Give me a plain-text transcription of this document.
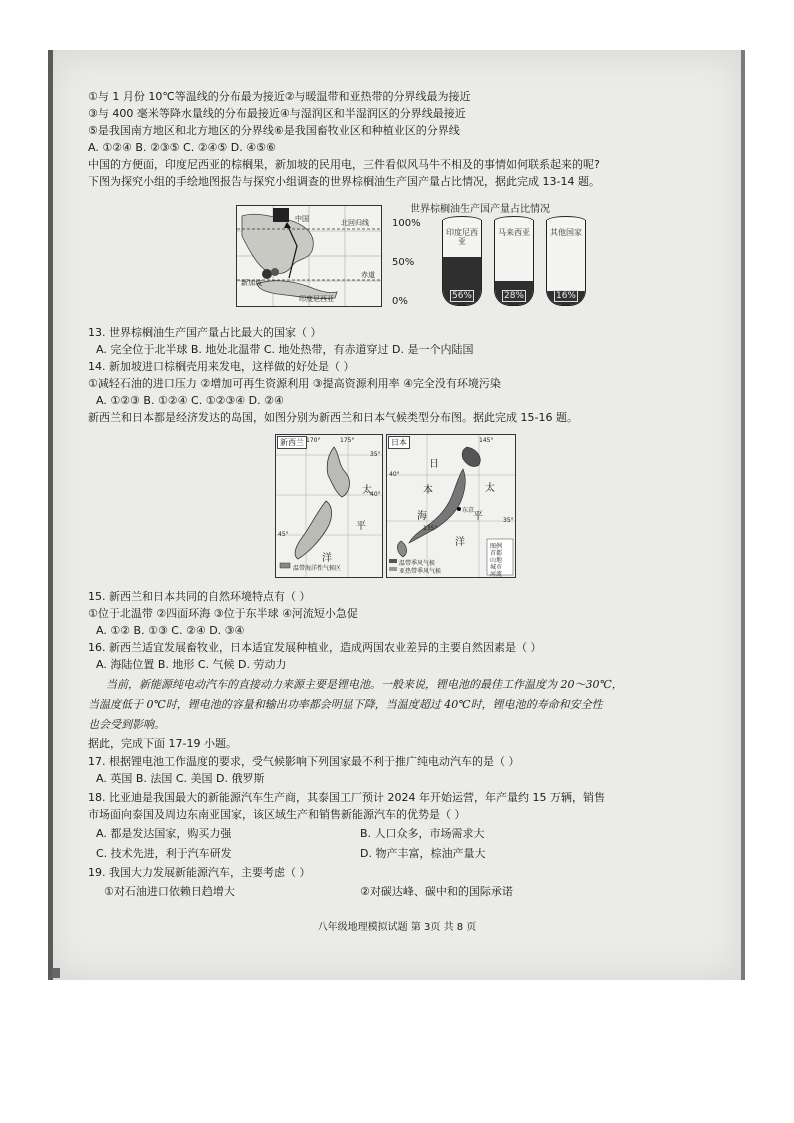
①与 1 月份 10℃等温线的分布最为接近②与暖温带和亚热带的分界线最为接近
③与 400 毫米等降水量线的分布最接近④与湿润区和半湿润区的分界线最接近
⑤是我国南方地区和北方地区的分界线⑥是我国畜牧业区和种植业区的分界线
A. ①②④ B. ②③⑤ C. ②④⑤ D. ④⑤⑥
中国的方便面，印度尼西亚的棕榈果，新加坡的民用电，三件看似风马牛不相及的事情如何联系起来的呢?
下图为探究小组的手绘地图报告与探究小组调查的世界棕榈油生产国产量占比情况，据此完成 13-14 题。
中国	北回归线
赤道
新加坡
印度尼西亚
世界棕榈油生产国产量占比情况
100%
50%
0%
印度尼西亚
56%
马来西亚
28%
其他国家
16%
13. 世界棕榈油生产国产量占比最大的国家（ ）
A. 完全位于北半球 B. 地处北温带 C. 地处热带，有赤道穿过 D. 是一个内陆国
14. 新加坡进口棕榈壳用来发电，这样做的好处是（ ）
①减轻石油的进口压力 ②增加可再生资源利用 ③提高资源利用率 ④完全没有环境污染
A. ①②③ B. ①②④ C. ①②③④ D. ②④
新西兰和日本都是经济发达的岛国，如图分别为新西兰和日本气候类型分布图。据此完成 15-16 题。
新西兰 170°	175°
35°
40°
45°
太
平
洋
温带海洋性气候区
日本	145°
40°
35°
135°
日
本
海
太
平
洋
东京
图例
首都
山地
城市
河流
温带季风气候
亚热带季风气候
15. 新西兰和日本共同的自然环境特点有（ ）
①位于北温带 ②四面环海 ③位于东半球 ④河流短小急促
A. ①② B. ①③ C. ②④ D. ③④
16. 新西兰适宜发展畜牧业，日本适宜发展种植业，造成两国农业差异的主要自然因素是（ ）
A. 海陆位置 B. 地形 C. 气候 D. 劳动力
当前，新能源纯电动汽车的直接动力来源主要是锂电池。一般来说，锂电池的最佳工作温度为 20～30℃，
当温度低于 0℃时，锂电池的容量和输出功率都会明显下降，当温度超过 40℃时，锂电池的寿命和安全性
也会受到影响。
据此，完成下面 17-19 小题。
17. 根据锂电池工作温度的要求，受气候影响下列国家最不利于推广纯电动汽车的是（ ）
A. 英国 B. 法国 C. 美国 D. 俄罗斯
18. 比亚迪是我国最大的新能源汽车生产商，其泰国工厂预计 2024 年开始运营，年产量约 15 万辆，销售
市场面向泰国及周边东南亚国家，该区域生产和销售新能源汽车的优势是（ ）
A. 都是发达国家，购买力强	B. 人口众多，市场需求大
C. 技术先进，利于汽车研发	D. 物产丰富，棕油产量大
19. 我国大力发展新能源汽车，主要考虑（ ）
①对石油进口依赖日趋增大	②对碳达峰、碳中和的国际承诺
八年级地理模拟试题 第 3页 共 8 页
